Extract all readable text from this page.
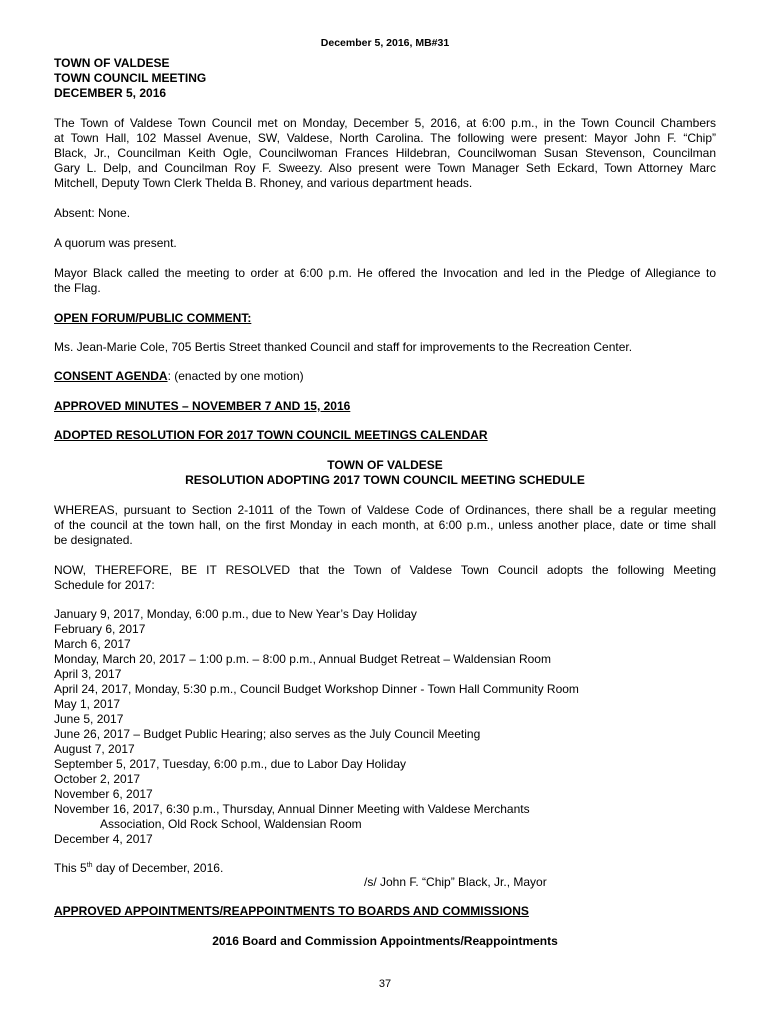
December 5, 2016, MB#31
TOWN OF VALDESE
TOWN COUNCIL MEETING
DECEMBER 5, 2016
The Town of Valdese Town Council met on Monday, December 5, 2016, at 6:00 p.m., in the Town Council Chambers
at Town Hall, 102 Massel Avenue, SW, Valdese, North Carolina. The following were present: Mayor John F. “Chip”
Black, Jr., Councilman Keith Ogle, Councilwoman Frances Hildebran, Councilwoman Susan Stevenson, Councilman
Gary L. Delp, and Councilman Roy F. Sweezy. Also present were Town Manager Seth Eckard, Town Attorney Marc
Mitchell, Deputy Town Clerk Thelda B. Rhoney, and various department heads.
Absent: None.
A quorum was present.
Mayor Black called the meeting to order at 6:00 p.m. He offered the Invocation and led in the Pledge of Allegiance to
the Flag.
OPEN FORUM/PUBLIC COMMENT:
Ms. Jean-Marie Cole, 705 Bertis Street thanked Council and staff for improvements to the Recreation Center.
CONSENT AGENDA: (enacted by one motion)
APPROVED MINUTES – NOVEMBER 7 AND 15, 2016
ADOPTED RESOLUTION FOR 2017 TOWN COUNCIL MEETINGS CALENDAR
TOWN OF VALDESE
RESOLUTION ADOPTING 2017 TOWN COUNCIL MEETING SCHEDULE
WHEREAS, pursuant to Section 2-1011 of the Town of Valdese Code of Ordinances, there shall be a regular meeting
of the council at the town hall, on the first Monday in each month, at 6:00 p.m., unless another place, date or time shall
be designated.
NOW, THEREFORE, BE IT RESOLVED that the Town of Valdese Town Council adopts the following Meeting
Schedule for 2017:
January 9, 2017, Monday, 6:00 p.m., due to New Year’s Day Holiday
February 6, 2017
March 6, 2017
Monday, March 20, 2017 – 1:00 p.m. – 8:00 p.m., Annual Budget Retreat – Waldensian Room
April 3, 2017
April 24, 2017, Monday, 5:30 p.m., Council Budget Workshop Dinner - Town Hall Community Room
May 1, 2017
June 5, 2017
June 26, 2017 – Budget Public Hearing; also serves as the July Council Meeting
August 7, 2017
September 5, 2017, Tuesday, 6:00 p.m., due to Labor Day Holiday
October 2, 2017
November 6, 2017
November 16, 2017, 6:30 p.m., Thursday, Annual Dinner Meeting with Valdese Merchants
Association, Old Rock School, Waldensian Room
December 4, 2017
This 5th day of December, 2016.
/s/ John F. “Chip” Black, Jr., Mayor
APPROVED APPOINTMENTS/REAPPOINTMENTS TO BOARDS AND COMMISSIONS
2016 Board and Commission Appointments/Reappointments
37
